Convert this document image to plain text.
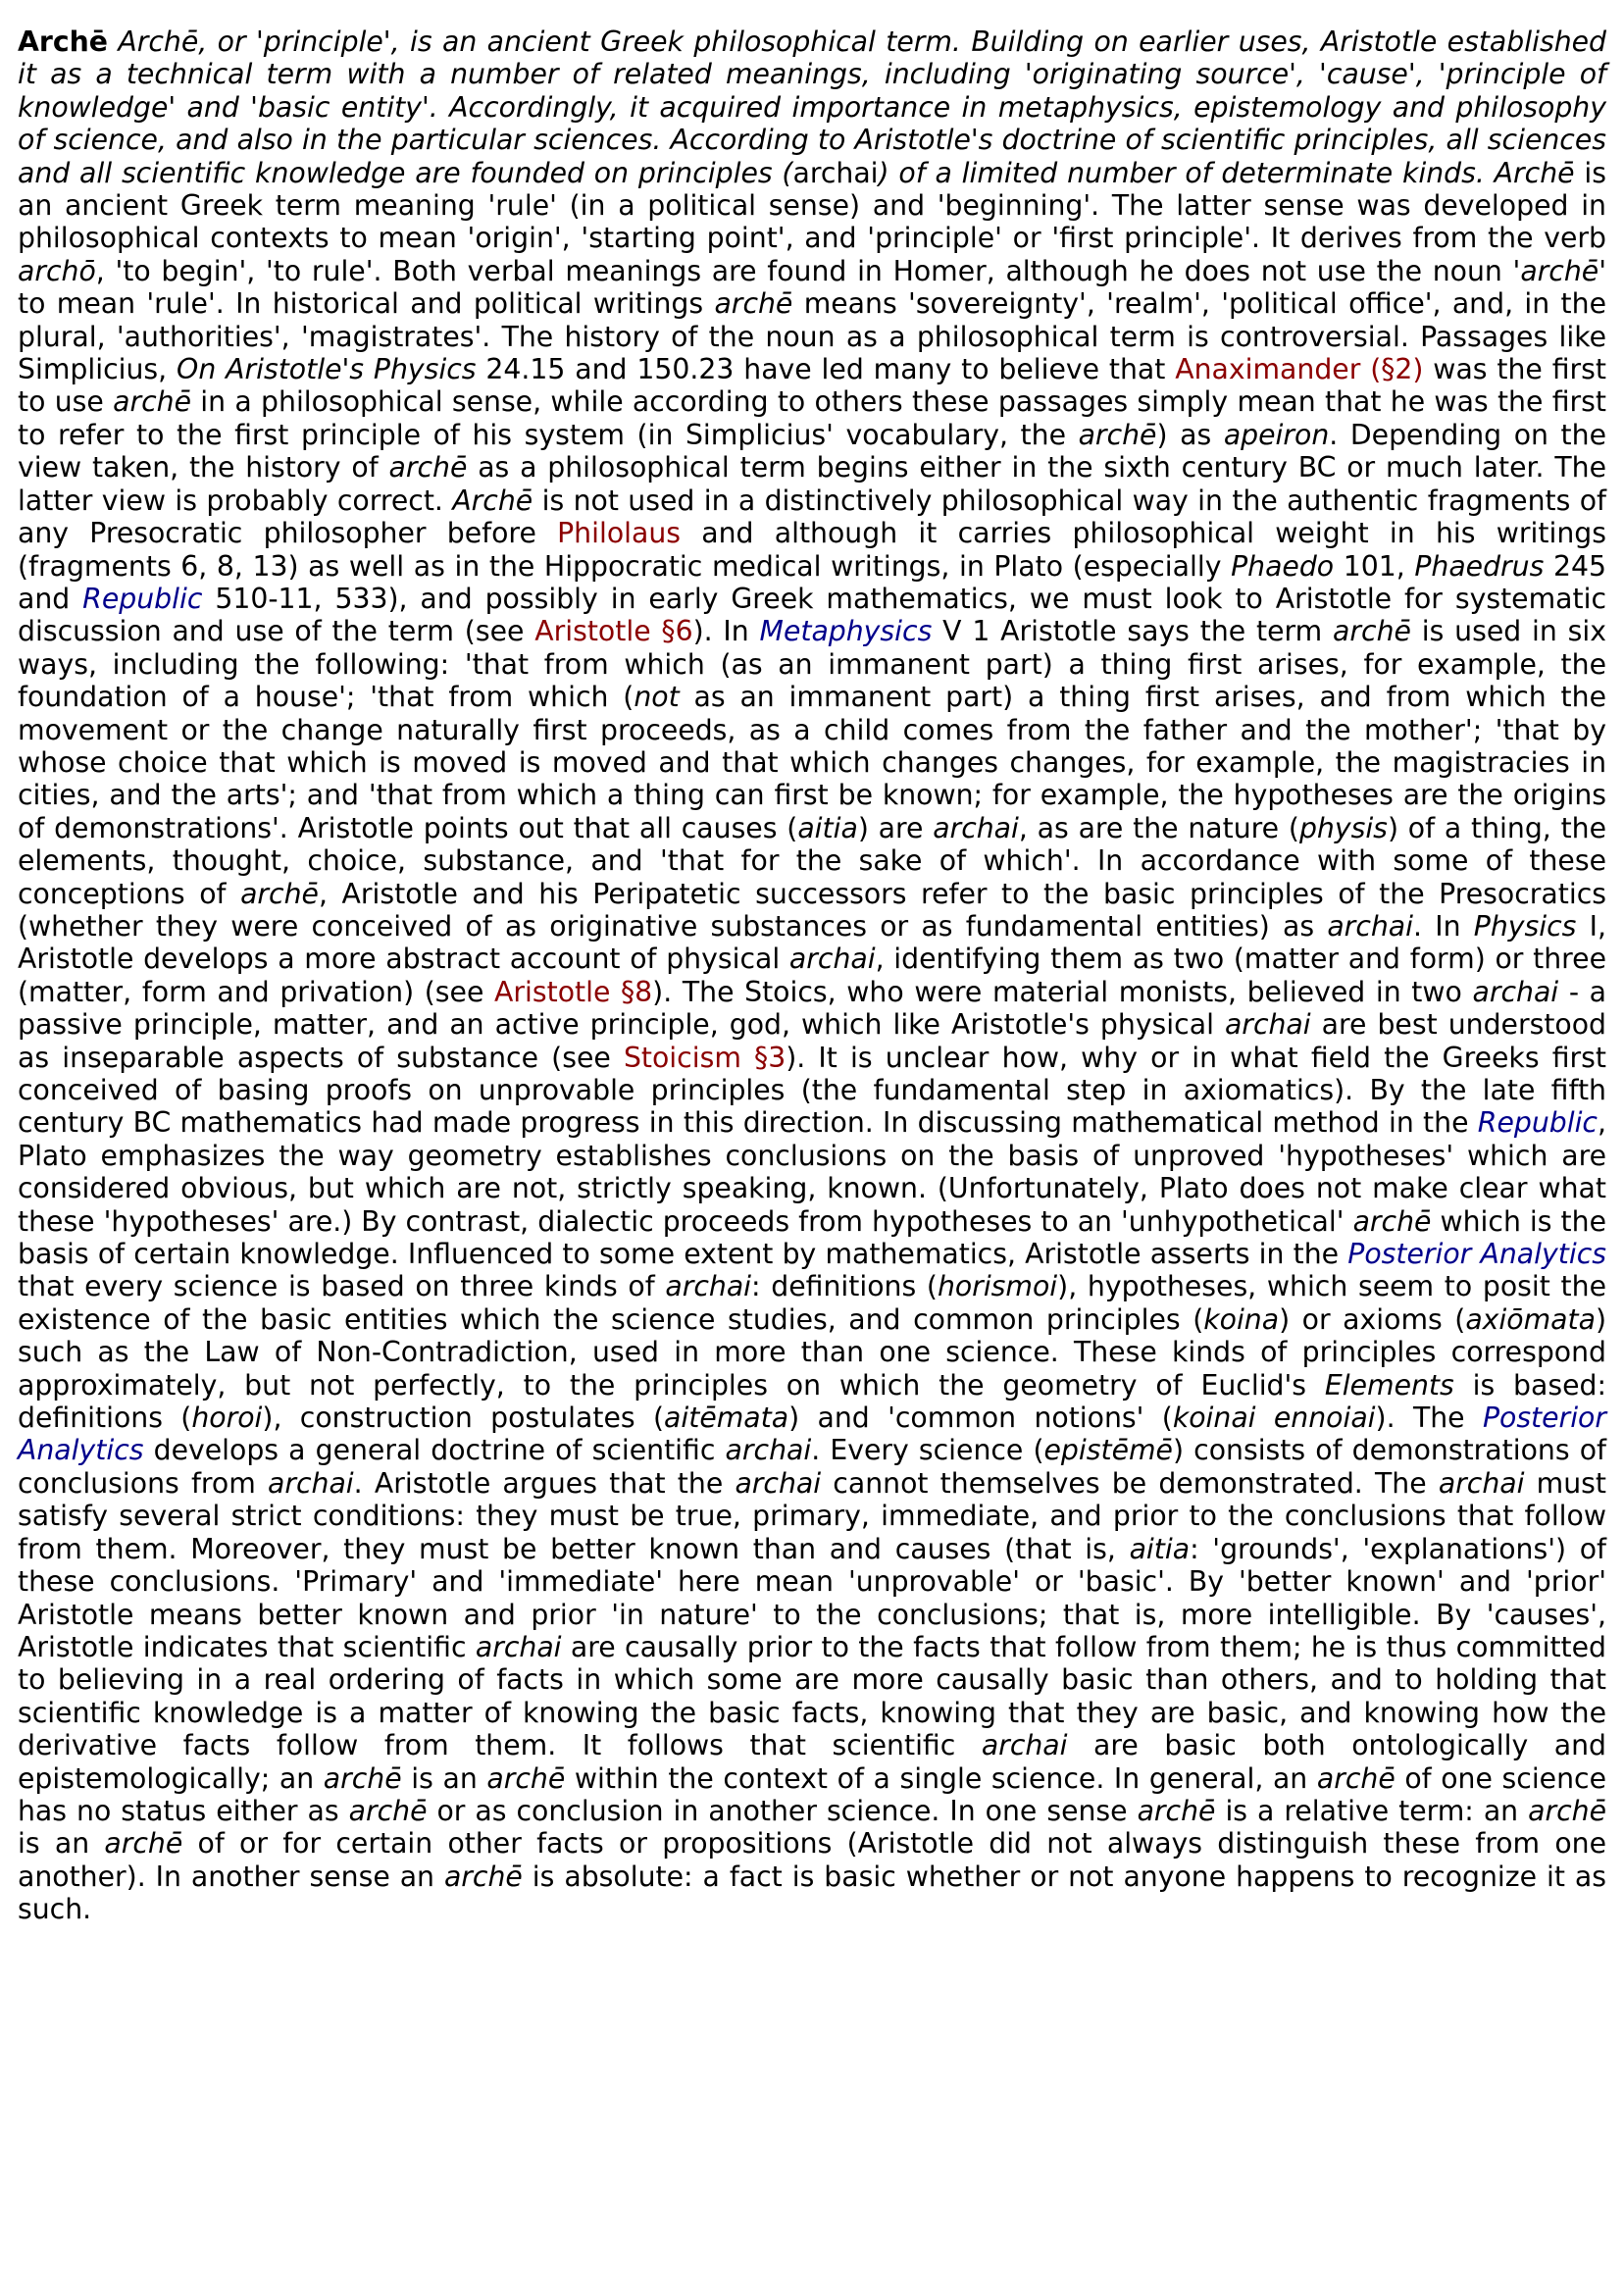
Archē Archē, or 'principle', is an ancient Greek philosophical term. Building on earlier uses, Aristotle established it as a technical term with a number of related meanings, including 'originating source', 'cause', 'principle of knowledge' and 'basic entity'. Accordingly, it acquired importance in metaphysics, epistemology and philosophy of science, and also in the particular sciences. According to Aristotle's doctrine of scientific principles, all sciences and all scientific knowledge are founded on principles (archai) of a limited number of determinate kinds. Archē is an ancient Greek term meaning 'rule' (in a political sense) and 'beginning'. The latter sense was developed in philosophical contexts to mean 'origin', 'starting point', and 'principle' or 'first principle'. It derives from the verb archō, 'to begin', 'to rule'. Both verbal meanings are found in Homer, although he does not use the noun 'archē' to mean 'rule'. In historical and political writings archē means 'sovereignty', 'realm', 'political office', and, in the plural, 'authorities', 'magistrates'. The history of the noun as a philosophical term is controversial. Passages like Simplicius, On Aristotle's Physics 24.15 and 150.23 have led many to believe that Anaximander (§2) was the first to use archē in a philosophical sense, while according to others these passages simply mean that he was the first to refer to the first principle of his system (in Simplicius' vocabulary, the archē) as apeiron. Depending on the view taken, the history of archē as a philosophical term begins either in the sixth century BC or much later. The latter view is probably correct. Archē is not used in a distinctively philosophical way in the authentic fragments of any Presocratic philosopher before Philolaus and although it carries philosophical weight in his writings (fragments 6, 8, 13) as well as in the Hippocratic medical writings, in Plato (especially Phaedo 101, Phaedrus 245 and Republic 510-11, 533), and possibly in early Greek mathematics, we must look to Aristotle for systematic discussion and use of the term (see Aristotle §6). In Metaphysics V 1 Aristotle says the term archē is used in six ways, including the following: 'that from which (as an immanent part) a thing first arises, for example, the foundation of a house'; 'that from which (not as an immanent part) a thing first arises, and from which the movement or the change naturally first proceeds, as a child comes from the father and the mother'; 'that by whose choice that which is moved is moved and that which changes changes, for example, the magistracies in cities, and the arts'; and 'that from which a thing can first be known; for example, the hypotheses are the origins of demonstrations'. Aristotle points out that all causes (aitia) are archai, as are the nature (physis) of a thing, the elements, thought, choice, substance, and 'that for the sake of which'. In accordance with some of these conceptions of archē, Aristotle and his Peripatetic successors refer to the basic principles of the Presocratics (whether they were conceived of as originative substances or as fundamental entities) as archai. In Physics I, Aristotle develops a more abstract account of physical archai, identifying them as two (matter and form) or three (matter, form and privation) (see Aristotle §8). The Stoics, who were material monists, believed in two archai - a passive principle, matter, and an active principle, god, which like Aristotle's physical archai are best understood as inseparable aspects of substance (see Stoicism §3). It is unclear how, why or in what field the Greeks first conceived of basing proofs on unprovable principles (the fundamental step in axiomatics). By the late fifth century BC mathematics had made progress in this direction. In discussing mathematical method in the Republic, Plato emphasizes the way geometry establishes conclusions on the basis of unproved 'hypotheses' which are considered obvious, but which are not, strictly speaking, known. (Unfortunately, Plato does not make clear what these 'hypotheses' are.) By contrast, dialectic proceeds from hypotheses to an 'unhypothetical' archē which is the basis of certain knowledge. Influenced to some extent by mathematics, Aristotle asserts in the Posterior Analytics that every science is based on three kinds of archai: definitions (horismoi), hypotheses, which seem to posit the existence of the basic entities which the science studies, and common principles (koina) or axioms (axiōmata) such as the Law of Non-Contradiction, used in more than one science. These kinds of principles correspond approximately, but not perfectly, to the principles on which the geometry of Euclid's Elements is based: definitions (horoi), construction postulates (aitēmata) and 'common notions' (koinai ennoiai). The Posterior Analytics develops a general doctrine of scientific archai. Every science (epistēmē) consists of demonstrations of conclusions from archai. Aristotle argues that the archai cannot themselves be demonstrated. The archai must satisfy several strict conditions: they must be true, primary, immediate, and prior to the conclusions that follow from them. Moreover, they must be better known than and causes (that is, aitia: 'grounds', 'explanations') of these conclusions. 'Primary' and 'immediate' here mean 'unprovable' or 'basic'. By 'better known' and 'prior' Aristotle means better known and prior 'in nature' to the conclusions; that is, more intelligible. By 'causes', Aristotle indicates that scientific archai are causally prior to the facts that follow from them; he is thus committed to believing in a real ordering of facts in which some are more causally basic than others, and to holding that scientific knowledge is a matter of knowing the basic facts, knowing that they are basic, and knowing how the derivative facts follow from them. It follows that scientific archai are basic both ontologically and epistemologically; an archē is an archē within the context of a single science. In general, an archē of one science has no status either as archē or as conclusion in another science. In one sense archē is a relative term: an archē is an archē of or for certain other facts or propositions (Aristotle did not always distinguish these from one another). In another sense an archē is absolute: a fact is basic whether or not anyone happens to recognize it as such.
